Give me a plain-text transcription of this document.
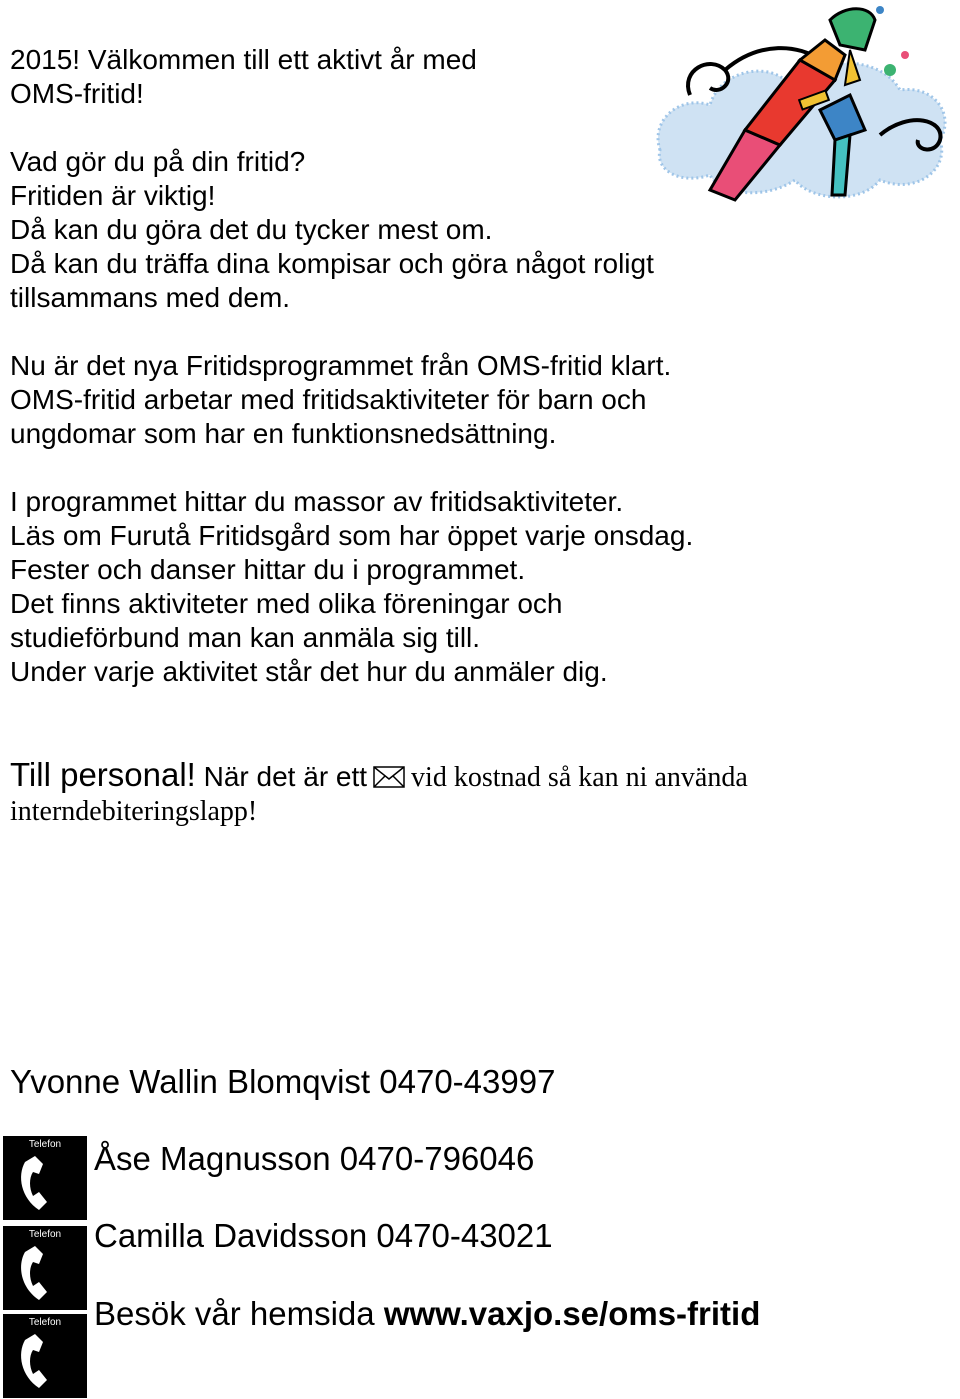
2015! Välkommen till ett aktivt år med

OMS-fritid!

Vad gör du på din fritid?

Fritiden är viktig!

Då kan du göra det du tycker mest om.

Då kan du träffa dina kompisar och göra något roligt

tillsammans med dem.

Nu är det nya Fritidsprogrammet från OMS-fritid klart.

OMS-fritid arbetar med fritidsaktiviteter för barn och

ungdomar som har en funktionsnedsättning.

I programmet hittar du massor av fritidsaktiviteter.

Läs om Furutå Fritidsgård som har öppet varje onsdag.

Fester och danser hittar du i programmet.

Det finns aktiviteter med olika föreningar och

studieförbund man kan anmäla sig till.

Under varje aktivitet står det hur du anmäler dig.

Till personal! När det är ett vid kostnad så kan ni använda
interndebiteringslapp!
Yvonne Wallin Blomqvist 0470-43997
Telefon Åse Magnusson 0470-796046
Telefon Camilla Davidsson 0470-43021
Telefon Besök vår hemsida www.vaxjo.se/oms-fritid
